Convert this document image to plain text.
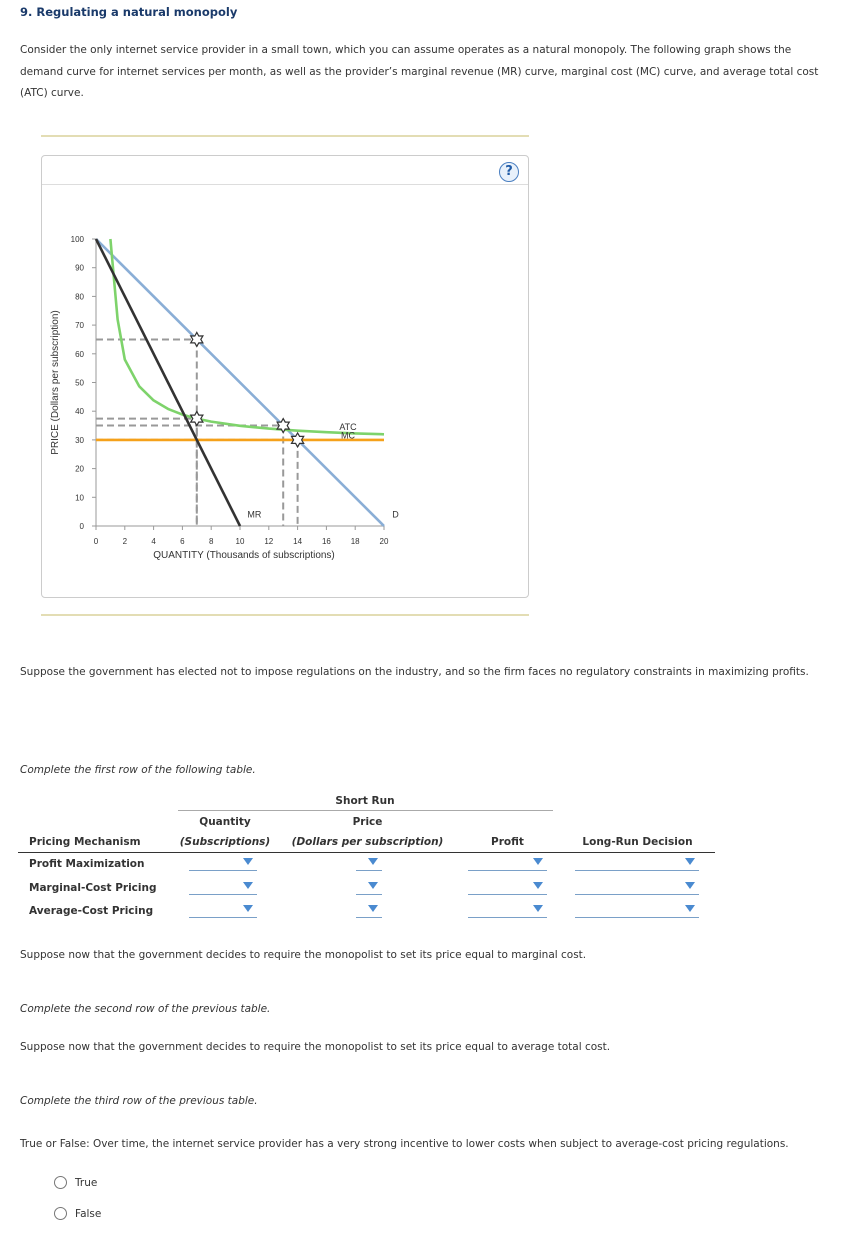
9. Regulating a natural monopoly
Consider the only internet service provider in a small town, which you can assume operates as a natural monopoly. The following graph shows the demand curve for internet services per month, as well as the provider’s marginal revenue (MR) curve, marginal cost (MC) curve, and average total cost (ATC) curve.
?
0
10
20
30
40
50
60
70
80
90
100
0	2	4	6	8	10 12 14 16 18 20
QUANTITY (Thousands of subscriptions)
PRICE (Dollars per subscription)
MR	D
ATC
MC
Suppose the government has elected not to impose regulations on the industry, and so the firm faces no regulatory constraints in maximizing profits.
Complete the first row of the following table.
Short Run
Quantity	Price
Pricing Mechanism	(Subscriptions)	(Dollars per subscription)	Profit	Long-Run Decision
Profit Maximization
Marginal-Cost Pricing
Average-Cost Pricing
Suppose now that the government decides to require the monopolist to set its price equal to marginal cost.
Complete the second row of the previous table.
Suppose now that the government decides to require the monopolist to set its price equal to average total cost.
Complete the third row of the previous table.
True or False: Over time, the internet service provider has a very strong incentive to lower costs when subject to average-cost pricing regulations.
True
False
